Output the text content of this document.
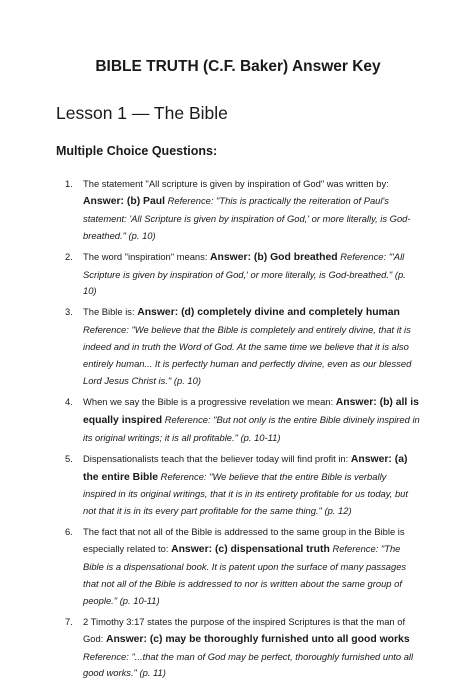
BIBLE TRUTH (C.F. Baker) Answer Key
Lesson 1 — The Bible
Multiple Choice Questions:
1. The statement "All scripture is given by inspiration of God" was written by: Answer: (b) Paul Reference: "This is practically the reiteration of Paul's statement: 'All Scripture is given by inspiration of God,' or more literally, is God-breathed." (p. 10)
2. The word "inspiration" means: Answer: (b) God breathed Reference: "'All Scripture is given by inspiration of God,' or more literally, is God-breathed." (p. 10)
3. The Bible is: Answer: (d) completely divine and completely human Reference: "We believe that the Bible is completely and entirely divine, that it is indeed and in truth the Word of God. At the same time we believe that it is also entirely human... It is perfectly human and perfectly divine, even as our blessed Lord Jesus Christ is." (p. 10)
4. When we say the Bible is a progressive revelation we mean: Answer: (b) all is equally inspired Reference: "But not only is the entire Bible divinely inspired in its original writings; it is all profitable." (p. 10-11)
5. Dispensationalists teach that the believer today will find profit in: Answer: (a) the entire Bible Reference: "We believe that the entire Bible is verbally inspired in its original writings, that it is in its entirety profitable for us today, but not that it is in its every part profitable for the same thing." (p. 12)
6. The fact that not all of the Bible is addressed to the same group in the Bible is especially related to: Answer: (c) dispensational truth Reference: "The Bible is a dispensational book. It is patent upon the surface of many passages that not all of the Bible is addressed to nor is written about the same group of people." (p. 10-11)
7. 2 Timothy 3:17 states the purpose of the inspired Scriptures is that the man of God: Answer: (c) may be thoroughly furnished unto all good works Reference: "...that the man of God may be perfect, thoroughly furnished unto all good works." (p. 11)
